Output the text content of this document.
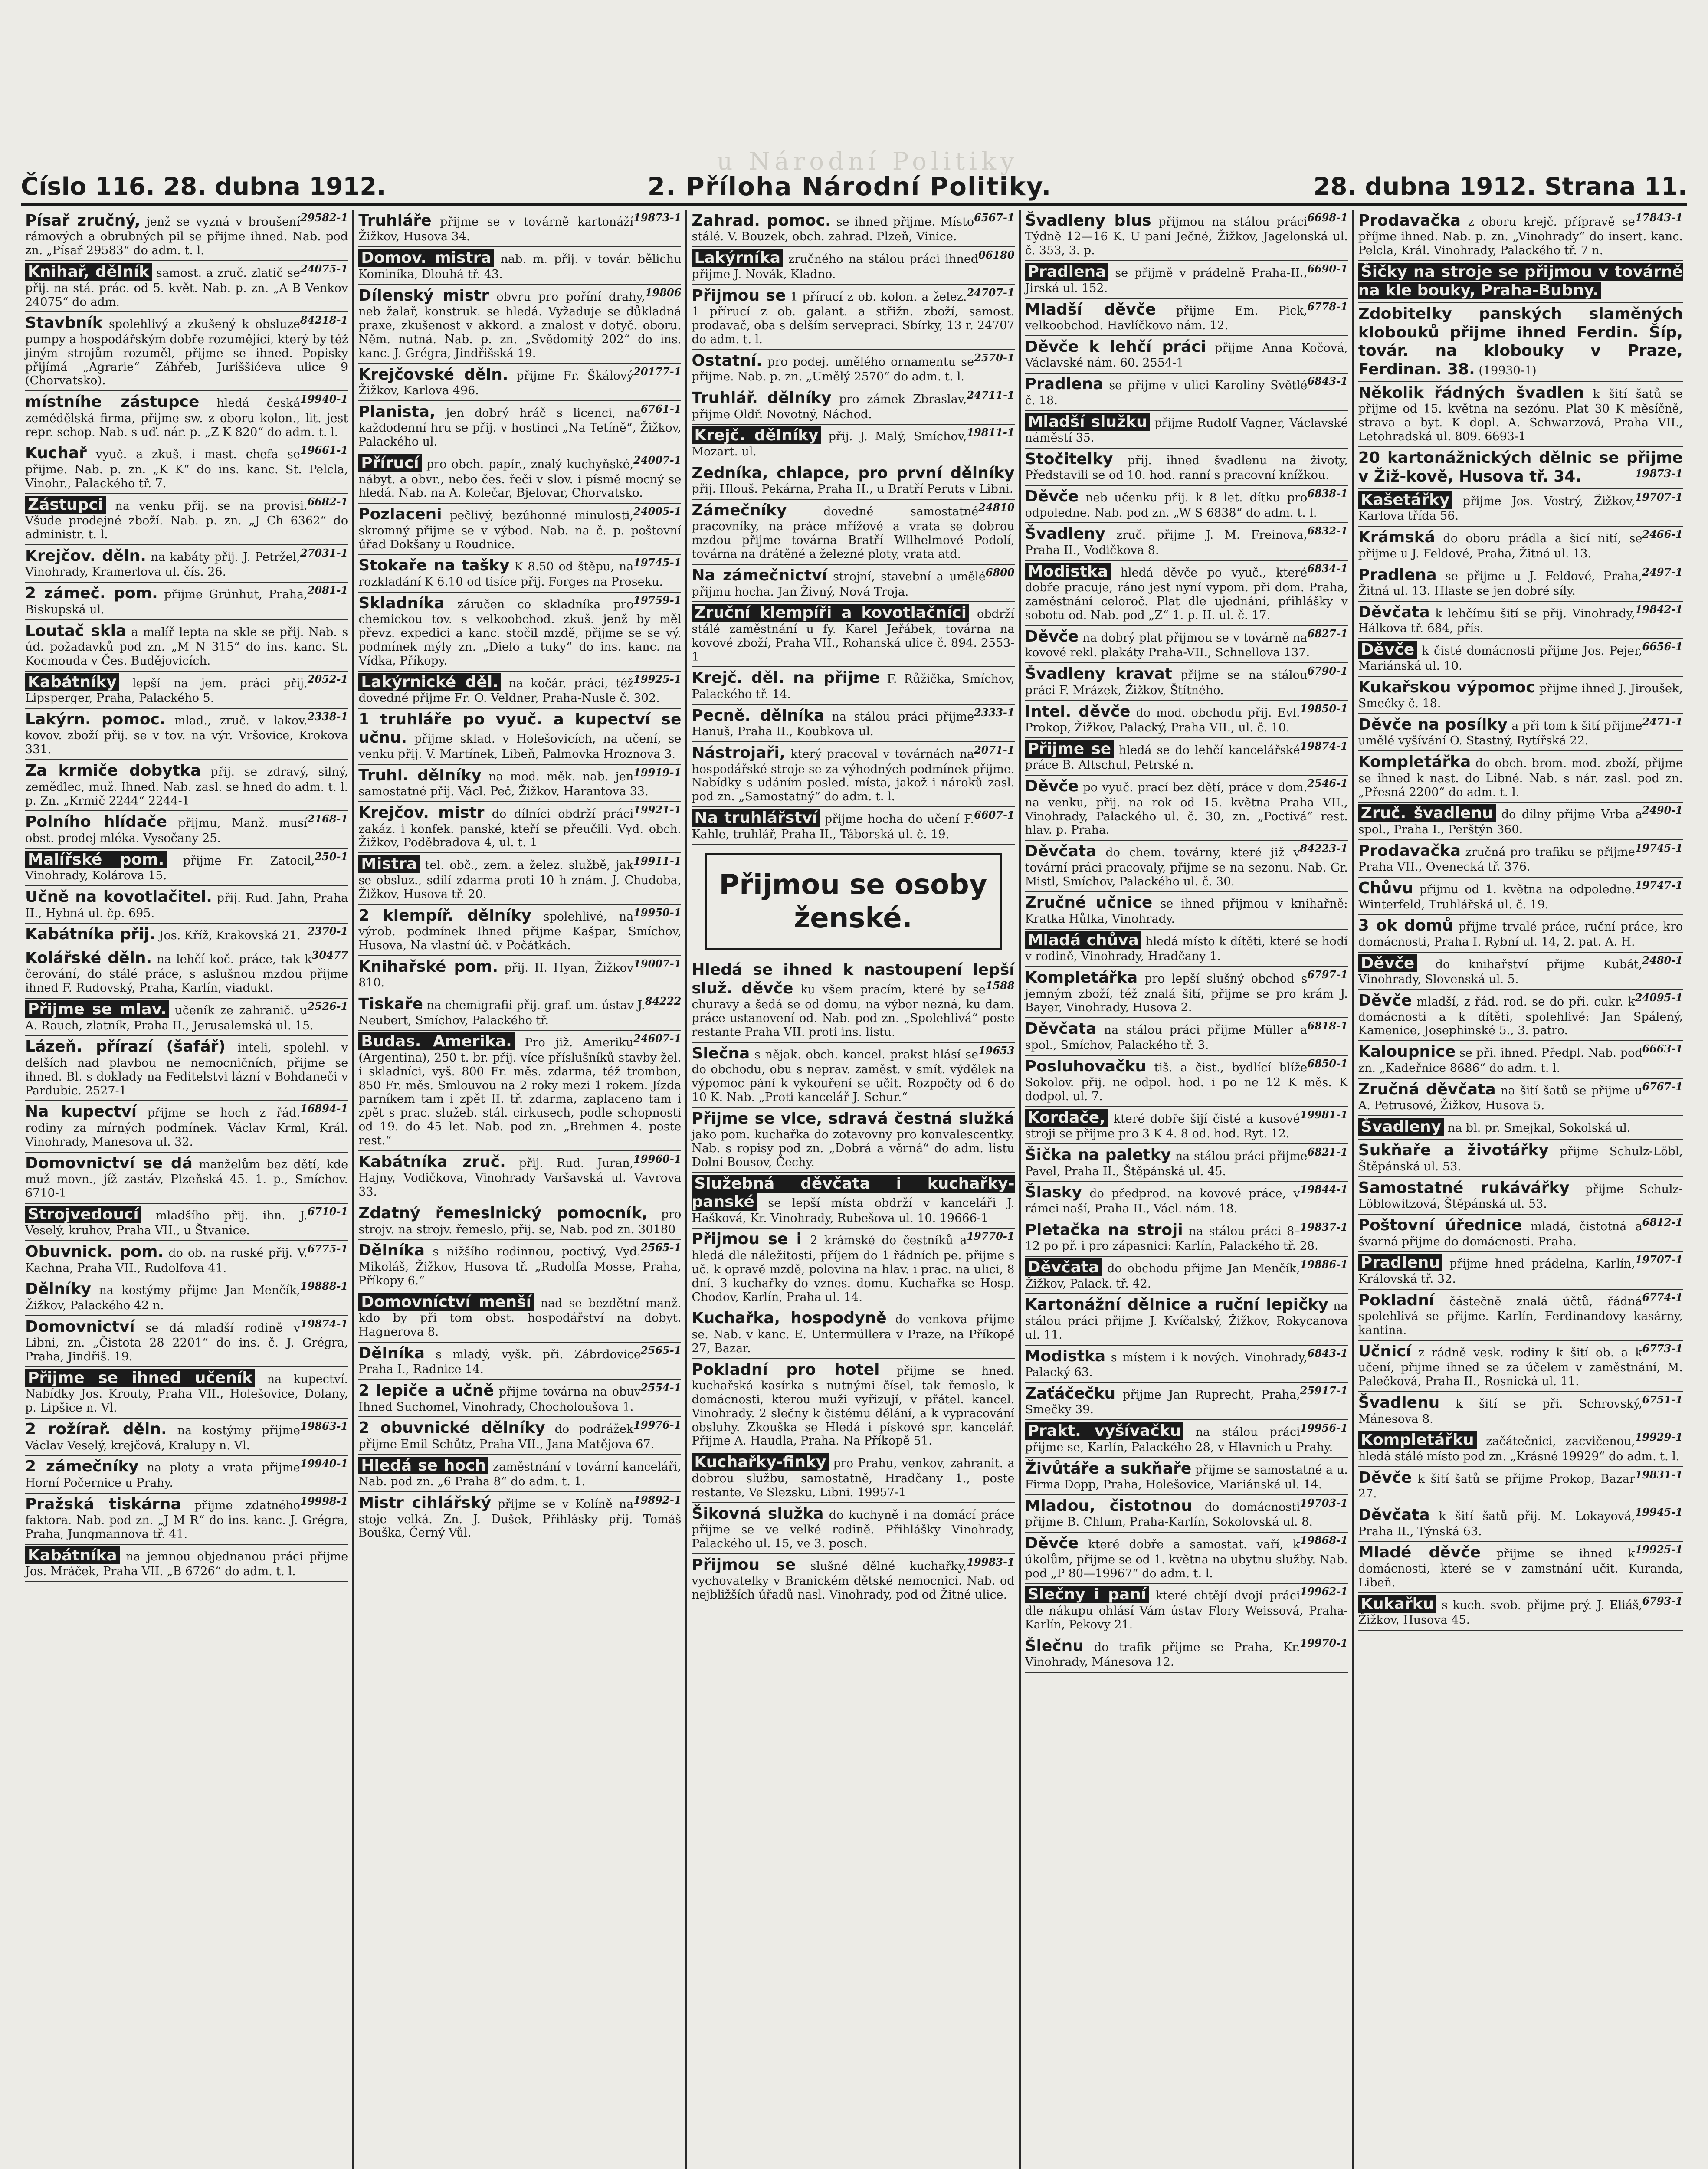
u Národní Politiky
Číslo 116. 28. dubna 1912.	2. Příloha Národní Politiky.	28. dubna 1912. Strana 11.
Písař zručný,	29582-1
jenž se vyzná v broušení rámových a obrubných pil se přijme ihned. Nab. pod zn. „Písař 29583“ do adm. t. l.
Knihař, dělník	24075-1
samost. a zruč. zlatič se přij. na stá. prác. od 5. květ. Nab. p. zn. „A B Venkov 24075“ do adm.
Stavbník	84218-1
spolehlivý a zkušený k obsluze pumpy a hospodářským dobře rozumějící, který by též jiným strojům rozuměl, přijme se ihned. Popisky přijímá „Agrarie“ Záhřeb, Juriššićeva ulice 9 (Chorvatsko).
místníhe zástupce	19940-1
hledá česká zemědělská firma, přijme sw. z oboru kolon., lit. jest repr. schop. Nab. s uď. nár. p. „Z K 820“ do adm. t. l.
Kuchař	19661-1
vyuč. a zkuš. i mast. chefa se přijme. Nab. p. zn. „K K“ do ins. kanc. St. Pelcla, Vinohr., Palackého tř. 7.
Zástupci	6682-1
na venku přij. se na provisi. Všude prodejné zboží. Nab. p. zn. „J Ch 6362“ do administr. t. l.
Krejčov. děln.	27031-1
na kabáty přij. J. Petržel, Vinohrady, Kramerlova ul. čís. 26.
2 zámeč. pom.	2081-1
přijme Grünhut, Praha, Biskupská ul.
Loutač skla a malíř lepta na skle se přij. Nab. s úd. požadavků pod zn. „M N 315“ do ins. kanc. St. Kocmouda v Čes. Budějovicích.
Kabátníky	2052-1
lepší na jem. práci přij. Lipsperger, Praha, Palackého 5.
Lakýrn. pomoc.	2338-1
mlad., zruč. v lakov. kovov. zboží přij. se v tov. na výr. Vršovice, Krokova 331.
Za krmiče dobytka přij. se zdravý, silný, zeměďlec, muž. Ihned. Nab. zasl. se hned do adm. t. l. p. Zn. „Krmič 2244“ 2244-1
Polního hlídače	2168-1
přijmu, Manž. musí obst. prodej mléka. Vysočany 25.
Malířské pom.	250-1
přijme Fr. Zatocil, Vinohrady, Kolárova 15.
Učně na kovotlačitel. přij. Rud. Jahn, Praha II., Hybná ul. čp. 695.
Kabátníka přij.	2370-1
Jos. Kříž, Krakovská 21.
Kolářské děln.	30477
na lehčí koč. práce, tak k čerování, do stálé práce, s aslušnou mzdou přijme ihned F. Rudovský, Praha, Karlín, viadukt.
Přijme se mlav.	2526-1
učeník ze zahranič. u A. Rauch, zlatník, Praha II., Jerusalemská ul. 15.
Lázeň. přírazí (šafář) inteli, spolehl. v delších nad plavbou ne nemocničních, přijme se ihned. Bl. s doklady na Feditelstvi lázní v Bohdaneči v Pardubic. 2527-1
Na kupectví	16894-1
přijme se hoch z řád. rodiny za mírných podmínek. Václav Krml, Král. Vinohrady, Manesova ul. 32.
Domovnictví se dá manželům bez dětí, kde muž movn., jíž zastáv, Plzeňská 45. 1. p., Smíchov. 6710-1
Strojvedoucí	6710-1
mladšího přij. ihn. J. Veselý, kruhov, Praha VII., u Štvanice.
Obuvnick. pom.	6775-1
do ob. na ruské přij. V. Kachna, Praha VII., Rudolfova 41.
Dělníky	19888-1
na kostýmy přijme Jan Menčík, Žižkov, Palackého 42 n.
Domovnictví	19874-1
se dá mladší rodině v Libni, zn. „Čistota 28 2201“ do ins. č. J. Grégra, Praha, Jindřiš. 19.
Přijme se ihned učeník na kupectví. Nabídky Jos. Krouty, Praha VII., Holešovice, Dolany, p. Lipšice n. Vl.
2 rožírař. děln.	19863-1
na kostýmy přijme Václav Veselý, krejčová, Kralupy n. Vl.
2 zámečníky	19940-1
na ploty a vrata přijme Horní Počernice u Prahy.
Pražská tiskárna	19998-1
přijme zdatného faktora. Nab. pod zn. „J M R“ do ins. kanc. J. Grégra, Praha, Jungmannova tř. 41.
Kabátníka na jemnou objednanou práci přijme Jos. Mráček, Praha VII. „B 6726“ do adm. t. l.
Truhláře	19873-1
přijme se v továrně kartonáží Žižkov, Husova 34.
Domov. mistra nab. m. přij. v továr. bělichu Kominíka, Dlouhá tř. 43.
Dílenský mistr	19806
obvru pro poříní drahy, neb žalař, konstruk. se hledá. Vyžaduje se důkladná praxe, zkušenost v akkord. a znalost v dotyč. oboru. Něm. nutná. Nab. p. zn. „Svědomitý 202“ do ins. kanc. J. Grégra, Jindřišská 19.
Krejčovské děln.	20177-1
přijme Fr. Škálový Žižkov, Karlova 496.
Planista,	6761-1
jen dobrý hráč s licenci, na každodenní hru se přij. v hostinci „Na Tetíně“, Žižkov, Palackého ul.
Přírucí	24007-1
pro obch. papír., znalý kuchyňské, nábyt. a obvr., nebo čes. řeči v slov. i písmě mocný se hledá. Nab. na A. Kolečar, Bjelovar, Chorvatsko.
Pozlaceni	24005-1
pečlivý, bezúhonné minulosti, skromný přijme se v výbod. Nab. na č. p. poštovní úřad Dokšany u Roudnice.
Stokaře na tašky	19745-1
K 8.50 od štěpu, na rozkladání K 6.10 od tisíce přij. Forges na Proseku.
Skladníka	19759-1
záručen co skladníka pro chemickou tov. s velkoobchod. zkuš. jenž by měl převz. expedici a kanc. stočil mzdě, přijme se se vý. podmínek mýly zn. „Dielo a tuky“ do ins. kanc. na Vídka, Příkopy.
Lakýrnické děl.	19925-1
na kočár. práci, též dovedné přijme Fr. O. Veldner, Praha-Nusle č. 302.
1 truhláře po vyuč. a kupectví se učnu. přijme sklad. v Holešovicích, na učení, se venku přij. V. Martínek, Libeň, Palmovka Hroznova 3.
Truhl. dělníky	19919-1
na mod. měk. nab. jen samostatné přij. Václ. Peč, Žižkov, Harantova 33.
Krejčov. mistr	19921-1
do dílníci obdrží práci zakáz. i konfek. panské, kteří se přeučili. Vyd. obch. Žižkov, Poděbradova 4, ul. t. 1
Mistra	19911-1
tel. obč., zem. a želez. službě, jak se obsluz., sdílí zdarma proti 10 h znám. J. Chudoba, Žižkov, Husova tř. 20.
2 klempíř. dělníky	19950-1
spolehlivé, na výrob. podmínek Ihned přijme Kašpar, Smíchov, Husova, Na vlastní úč. v Počátkách.
Knihařské pom.	19007-1
přij. II. Hyan, Žižkov 810.
Tiskaře	84222
na chemigrafii přij. graf. um. ústav J. Neubert, Smíchov, Palackého tř.
Budas. Amerika.	24607-1
Pro již. Ameriku (Argentina), 250 t. br. přij. více příslušníků stavby žel. i skladníci, vyš. 800 Fr. měs. zdarma, též trombon, 850 Fr. měs. Smlouvou na 2 roky mezi 1 rokem. Jízda parníkem tam i zpět II. tř. zdarma, zaplaceno tam i zpět s prac. služeb. stál. cirkusech, podle schopnosti od 19. do 45 let. Nab. pod zn. „Brehmen 4. poste rest.“
Kabátníka zruč.	19960-1
přij. Rud. Juran, Hajny, Vodičkova, Vinohrady Varšavská ul. Vavrova 33.
Zdatný řemeslnický pomocník, pro strojv. na strojv. řemeslo, přij. se, Nab. pod zn. 30180
Dělníka	2565-1
s nižšího rodinnou, poctivý, Vyd. Mikoláš, Žižkov, Husova tř. „Rudolfa Mosse, Praha, Příkopy 6.“
Domovníctví menší nad se bezdětní manž. kdo by při tom obst. hospodářství na dobyt. Hagnerova 8.
Dělníka	2565-1
s mladý, vyšk. při. Zábrdovice Praha I., Radnice 14.
2 lepiče a učně	2554-1
přijme továrna na obuv Ihned Suchomel, Vinohrady, Chocholoušova 1.
2 obuvnické dělníky	19976-1
do podrážek přijme Emil Schůtz, Praha VII., Jana Matějova 67.
Hledá se hoch zaměstnání v tovární kanceláři, Nab. pod zn. „6 Praha 8“ do adm. t. 1.
Mistr cihlářský	19892-1
přijme se v Kolíně na stoje velká. Zn. J. Dušek, Přihlásky přij. Tomáš Bouška, Černý Vůl.
Zahrad. pomoc.	6567-1
se ihned přijme. Místo stálé. V. Bouzek, obch. zahrad. Plzeň, Vinice.
Lakýrníka	06180
zručného na stálou práci ihned přijme J. Novák, Kladno.
Přijmou se	24707-1
1 přírucí z ob. kolon. a želez. 1 přírucí z ob. galant. a střižn. zboží, samost. prodavač, oba s delším servepraci. Sbírky, 13 r. 24707 do adm. t. l.
Ostatní.	2570-1
pro podej. umělého ornamentu se přijme. Nab. p. zn. „Umělý 2570“ do adm. t. l.
Truhlář. dělníky	24711-1
pro zámek Zbraslav, přijme Oldř. Novotný, Náchod.
Krejč. dělníky	19811-1
přij. J. Malý, Smíchov, Mozart. ul.
Zedníka, chlapce, pro první dělníky přij. Hlouš. Pekárna, Praha II., u Bratří Peruts v Libni.
Zámečníky	24810
dovedné samostatné pracovníky, na práce mřížové a vrata se dobrou mzdou přijme továrna Bratří Wilhelmové Podolí, továrna na drátěné a železné ploty, vrata atd.
Na zámečnictví	6800
strojní, stavební a umělé přijmu hocha. Jan Živný, Nová Troja.
Zruční klempíři a kovotlačníci obdrží stálé zaměstnání u fy. Karel Jeřábek, továrna na kovové zboží, Praha VII., Rohanská ulice č. 894. 2553-1
Krejč. děl. na přijme F. Růžička, Smíchov, Palackého tř. 14.
Pecně. dělníka	2333-1
na stálou práci přijme Hanuš, Praha II., Koubkova ul.
Nástrojaři,	2071-1
který pracoval v továrnách na hospodářské stroje se za výhodných podmínek přijme. Nabídky s udáním posled. místa, jakož i nároků zasl. pod zn. „Samostatný“ do adm. t. l.
Na truhlářství	6607-1
přijme hocha do učení F. Kahle, truhlář, Praha II., Táborská ul. č. 19.
Přijmou se osoby ženské.
Hledá se ihned k nastoupení lepší služ. děvče	1588
ku všem pracím, které by se churavy a šedá se od domu, na výbor nezná, ku dam. práce ustanovení od. Nab. pod zn. „Spolehlivá“ poste restante Praha VII. proti ins. listu.
Slečna	19653
s nějak. obch. kancel. prakst hlásí se do obchodu, obu s neprav. zaměst. v smít. výdělek na výpomoc pání k vykouření se učit. Rozpočty od 6 do 10 K. Nab. „Proti kancelář J. Schur.“
Přijme se vlce, sdravá čestná služká jako pom. kuchařka do zotavovny pro konvalescentky. Nab. s ropisy pod zn. „Dobrá a věrná“ do adm. listu Dolní Bousov, Čechy.
Služebná děvčata i kuchařky-panské se lepší místa obdrží v kanceláři J. Hašková, Kr. Vinohrady, Rubešova ul. 10. 19666-1
Přijmou se i	19770-1
2 krámské do čestníků a hledá dle náležitosti, příjem do 1 řádních pe. přijme s uč. k opravě mzdě, polovina na hlav. i prac. na ulici, 8 dní. 3 kuchařky do vznes. domu. Kuchařka se Hosp. Chodov, Karlín, Praha ul. 14.
Kuchařka, hospodyně do venkova přijme se. Nab. v kanc. E. Untermüllera v Praze, na Příkopě 27, Bazar.
Pokladní pro hotel přijme se hned. kuchařská kasírka s nutnými čísel, tak řemoslo, k domácnosti, kterou muži vyřizují, v přátel. kancel. Vinohrady. 2 slečny k čistému dělání, a k vypracování obsluhy. Zkouška se Hledá i pískové spr. kancelář. Přijme A. Haudla, Praha. Na Příkopě 51.
Kuchařky-finky pro Prahu, venkov, zahranit. a dobrou službu, samostatně, Hradčany 1., poste restante, Ve Slezsku, Libni. 19957-1
Šikovná služka do kuchyně i na domácí práce přijme se ve velké rodině. Přihlášky Vinohrady, Palackého ul. 15, ve 3. posch.
Přijmou se	19983-1
slušné dělné kuchařky, vychovatelky v Branickém dětské nemocnici. Nab. od nejbližších úřadů nasl. Vinohrady, pod od Žitné ulice.
Švadleny blus	6698-1
přijmou na stálou práci Týdně 12—16 K. U paní Ječné, Žižkov, Jagelonská ul. č. 353, 3. p.
Pradlena	6690-1
se přijmě v prádelně Praha-II., Jirská ul. 152.
Mladší děvče	6778-1
přijme Em. Pick, velkoobchod. Havlíčkovo nám. 12.
Děvče k lehčí práci přijme Anna Kočová, Václavské nám. 60. 2554-1
Pradlena	6843-1
se přijme v ulici Karoliny Světlé č. 18.
Mladší služku přijme Rudolf Vagner, Václavské náměstí 35.
Stočitelky přij. ihned švadlenu na životy, Představili se od 10. hod. ranní s pracovní knížkou.
Děvče	6838-1
neb učenku přij. k 8 let. dítku pro odpoledne. Nab. pod zn. „W S 6838“ do adm. t. l.
Švadleny	6832-1
zruč. přijme J. M. Freinova, Praha II., Vodičkova 8.
Modistka	6834-1
hledá děvče po vyuč., které dobře pracuje, ráno jest nyní vypom. při dom. Praha, zaměstnání celoroč. Plat dle ujednání, přihlášky v sobotu od. Nab. pod „Z“ 1. p. II. ul. č. 17.
Děvče	6827-1
na dobrý plat přijmou se v továrně na kovové rekl. plakáty Praha-VII., Schnellova 137.
Švadleny kravat	6790-1
přijme se na stálou práci F. Mrázek, Žižkov, Štítného.
Intel. děvče	19850-1
do mod. obchodu přij. Evl. Prokop, Žižkov, Palacký, Praha VII., ul. č. 10.
Přijme se	19874-1
hledá se do lehčí kancelářské práce B. Altschul, Petrské n.
Děvče	2546-1
po vyuč. prací bez dětí, práce v dom. na venku, přij. na rok od 15. května Praha VII., Vinohrady, Palackého ul. č. 30, zn. „Poctivá“ rest. hlav. p. Praha.
Děvčata	84223-1
do chem. továrny, které již v tovární práci pracovaly, přijme se na sezonu. Nab. Gr. Mistl, Smíchov, Palackého ul. č. 30.
Zručné učnice se ihned přijmou v knihařně: Kratka Hůlka, Vinohrady.
Mladá chůva hledá místo k dítěti, které se hodí v rodině, Vinohrady, Hradčany 1.
Kompletářka	6797-1
pro lepší slušný obchod s jemným zboží, též znalá šití, přijme se pro krám J. Bayer, Vinohrady, Husova 2.
Děvčata	6818-1
na stálou práci přijme Müller a spol., Smíchov, Palackého tř. 3.
Posluhovačku	6850-1
tiš. a čist., bydlící blíže Sokolov. přij. ne odpol. hod. i po ne 12 K měs. K dodpol. ul. 7.
Kordače,	19981-1
které dobře šijí čisté a kusové stroji se přijme pro 3 K 4. 8 od. hod. Ryt. 12.
Šička na paletky	6821-1
na stálou práci přijme Pavel, Praha II., Štěpánská ul. 45.
Šlasky	19844-1
do předprod. na kovové práce, v rámci naší, Praha II., Václ. nám. 18.
Pletačka na stroji	19837-1
na stálou práci 8–12 po př. i pro zápasnici: Karlín, Palackého tř. 28.
Děvčata	19886-1
do obchodu přijme Jan Menčík, Žižkov, Palack. tř. 42.
Kartonážní dělnice a ruční lepičky na stálou práci přijme J. Kvíčalský, Žižkov, Rokycanova ul. 11.
Modistka	6843-1
s místem i k nových. Vinohrady, Palacký 63.
Zaťáčečku	25917-1
přijme Jan Ruprecht, Praha, Smečky 39.
Prakt. vyšívačku	19956-1
na stálou práci přijme se, Karlín, Palackého 28, v Hlavních u Prahy.
Živůtáře a sukňaře přijme se samostatné a u. Firma Dopp, Praha, Holešovice, Mariánská ul. 14.
Mladou, čistotnou	19703-1
do domácnosti přijme B. Chlum, Praha-Karlín, Sokolovská ul. 8.
Děvče	19868-1
které dobře a samostat. vaří, k úkolům, přijme se od 1. května na ubytnu služby. Nab. pod „P 80—19967“ do adm. t. l.
Slečny i paní	19962-1
které chtějí dvojí práci dle nákupu ohlásí Vám ústav Flory Weissová, Praha-Karlín, Pekovy 21.
Šlečnu	19970-1
do trafik přijme se Praha, Kr. Vinohrady, Mánesova 12.
Prodavačka	17843-1
z oboru krejč. přípravě se příjme ihned. Nab. p. zn. „Vinohrady“ do insert. kanc. Pelcla, Král. Vinohrady, Palackého tř. 7 n.
Šičky na stroje se přijmou v továrně na kle bouky, Praha-Bubny.
Zdobitelky panských slaměných klobouků přijme ihned Ferdin. Šíp, továr. na klobouky v Praze, Ferdinan. 38. (19930-1)
Několik řádných švadlen k šití šatů se přijme od 15. května na sezónu. Plat 30 K měsíčně, strava a byt. K dopl. A. Schwarzová, Praha VII., Letohradská ul. 809. 6693-1
20 kartonážnických dělnic se přijme v Žiž-kově, Husova tř. 34.	19873-1
Kašetářky	19707-1
přijme Jos. Vostrý, Žižkov, Karlova třída 56.
Krámská	2466-1
do oboru prádla a šicí nití, se přijme u J. Feldové, Praha, Žitná ul. 13.
Pradlena	2497-1
se přijme u J. Feldové, Praha, Žitná ul. 13. Hlaste se jen dobré síly.
Děvčata	19842-1
k lehčímu šití se přij. Vinohrady, Hálkova tř. 684, přís.
Děvče	6656-1
k čisté domácnosti přijme Jos. Pejer, Mariánská ul. 10.
Kukařskou výpomoc přijme ihned J. Jiroušek, Smečky č. 18.
Děvče na posílky	2471-1
a při tom k šití přijme umělé vyšívání O. Stastný, Rytířská 22.
Kompletářka do obch. brom. mod. zboží, přijme se ihned k nast. do Libně. Nab. s nár. zasl. pod zn. „Přesná 2200“ do adm. t. l.
Zruč. švadlenu	2490-1
do dílny přijme Vrba a spol., Praha I., Perštýn 360.
Prodavačka	19745-1
zručná pro trafiku se přijme Praha VII., Ovenecká tř. 376.
Chůvu	19747-1
přijmu od 1. května na odpoledne. Winterfeld, Truhlářská ul. č. 19.
3 ok domů přijme trvalé práce, ruční práce, kro domácnosti, Praha I. Rybní ul. 14, 2. pat. A. H.
Děvče	2480-1
do knihařství přijme Kubát, Vinohrady, Slovenská ul. 5.
Děvče	24095-1
mladší, z řád. rod. se do při. cukr. k domácnosti a k dítěti, spolehlivé: Jan Spálený, Kamenice, Josephinské 5., 3. patro.
Kaloupnice	6663-1
se při. ihned. Předpl. Nab. pod zn. „Kadeřnice 8686“ do adm. t. l.
Zručná děvčata	6767-1
na šití šatů se přijme u A. Petrusové, Žižkov, Husova 5.
Švadleny na bl. pr. Smejkal, Sokolská ul.
Sukňaře a životářky přijme Schulz-Löbl, Štěpánská ul. 53.
Samostatné rukávářky přijme Schulz-Löblowitzová, Štěpánská ul. 53.
Poštovní úřednice	6812-1
mladá, čistotná a švarná přijme do domácnosti. Praha.
Pradlenu	19707-1
přijme hned prádelna, Karlín, Královská tř. 32.
Pokladní	6774-1
částečně znalá účtů, řádná spolehlivá se přijme. Karlín, Ferdinandovy kasárny, kantina.
Učnicí	6773-1
z rádně vesk. rodiny k šití ob. a k učení, přijme ihned se za účelem v zaměstnání, M. Palečková, Praha II., Rosnická ul. 11.
Švadlenu	6751-1
k šití se při. Schrovský, Mánesova 8.
Kompletářku	19929-1
začátečnici, zacvičenou, hledá stálé místo pod zn. „Krásné 19929“ do adm. t. l.
Děvče	19831-1
k šití šatů se přijme Prokop, Bazar 27.
Děvčata	19945-1
k šití šatů přij. M. Lokayová, Praha II., Týnská 63.
Mladé děvče	19925-1
přijme se ihned k domácnosti, které se v zamstnání učit. Kuranda, Libeň.
Kukařku	6793-1
s kuch. svob. přijme prý. J. Eliáš, Žižkov, Husova 45.
